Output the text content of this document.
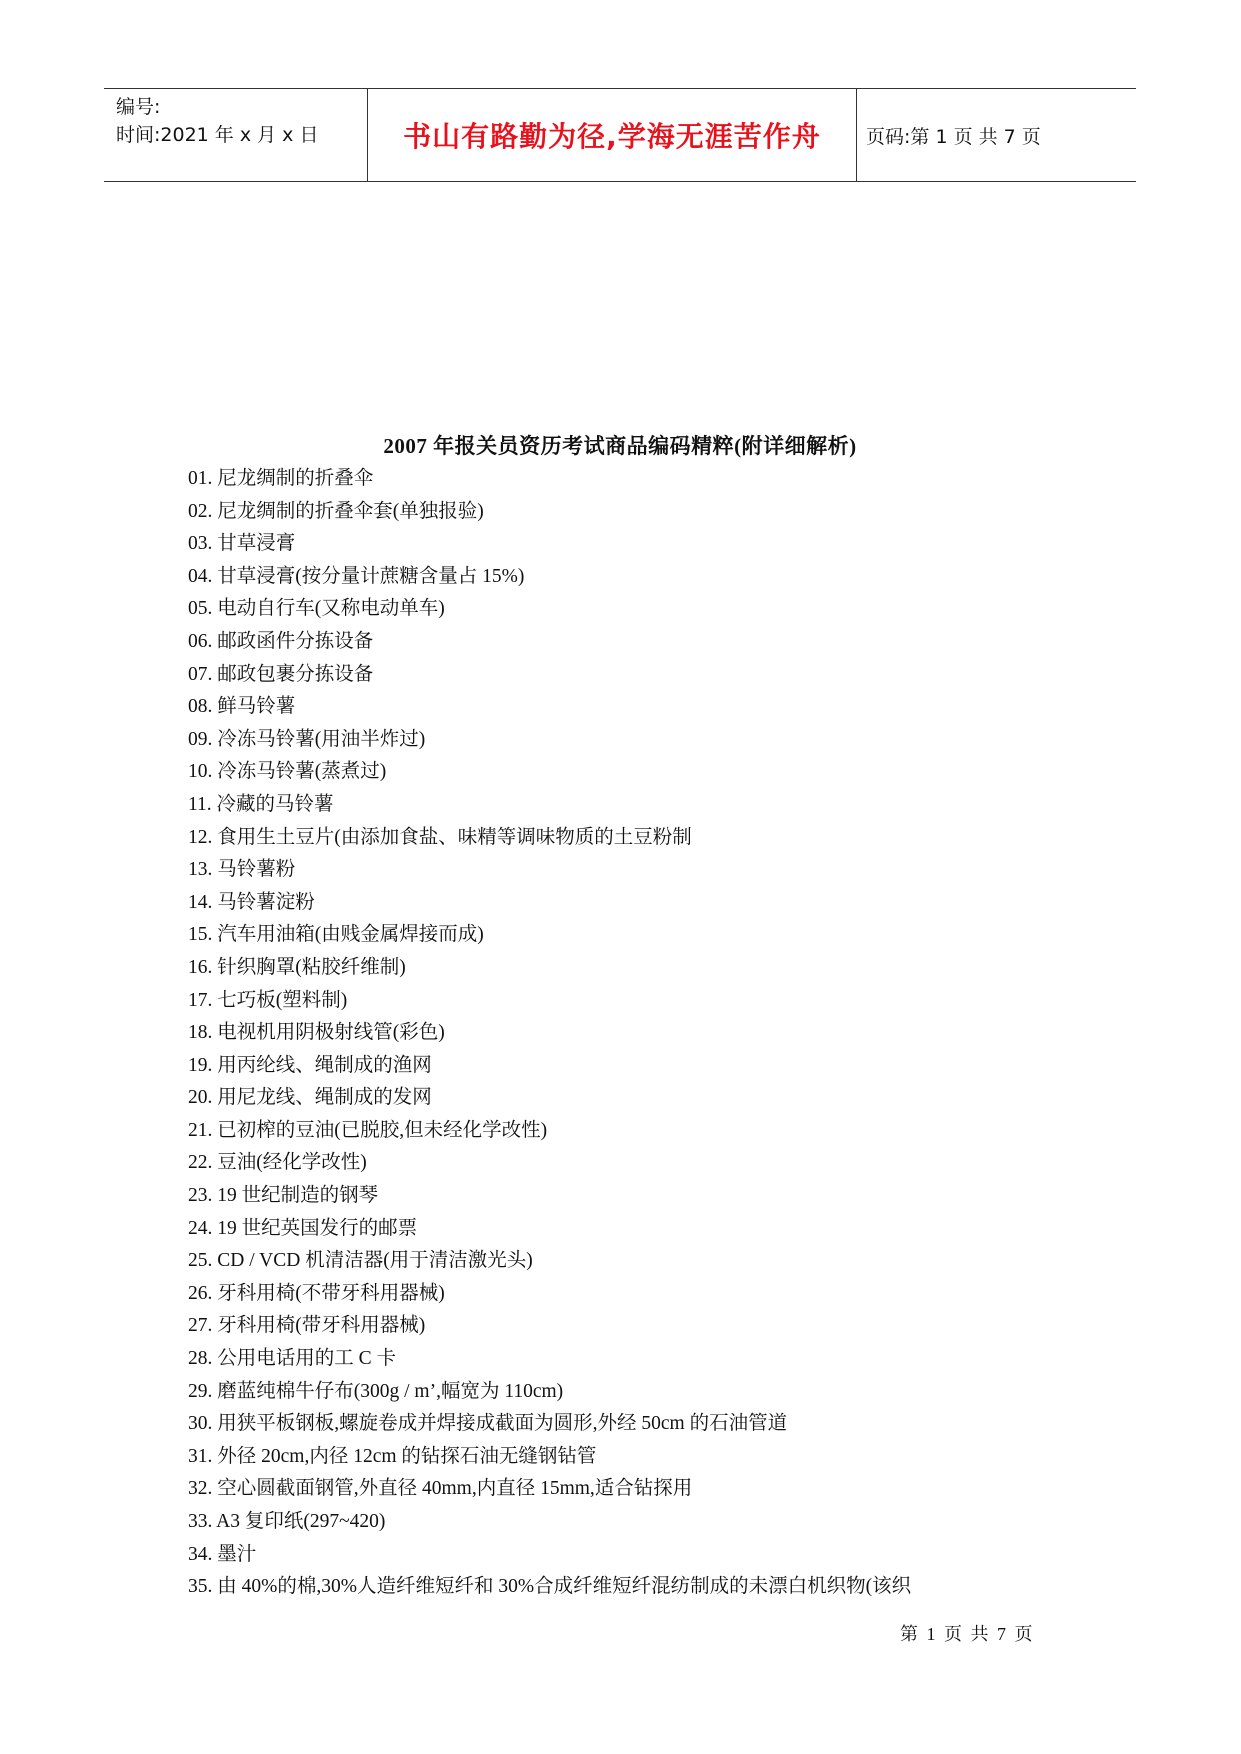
编号:
时间:2021 年 x 月 x 日	书山有路勤为径,学海无涯苦作舟	页码:第 1 页 共 7 页
2007 年报关员资历考试商品编码精粹(附详细解析)
01. 尼龙绸制的折叠伞
02. 尼龙绸制的折叠伞套(单独报验)
03. 甘草浸膏
04. 甘草浸膏(按分量计蔗糖含量占 15%)
05. 电动自行车(又称电动单车)
06. 邮政函件分拣设备
07. 邮政包裹分拣设备
08. 鲜马铃薯
09. 冷冻马铃薯(用油半炸过)
10. 冷冻马铃薯(蒸煮过)
11. 冷藏的马铃薯
12. 食用生土豆片(由添加食盐、味精等调味物质的土豆粉制
13. 马铃薯粉
14. 马铃薯淀粉
15. 汽车用油箱(由贱金属焊接而成)
16. 针织胸罩(粘胶纤维制)
17. 七巧板(塑料制)
18. 电视机用阴极射线管(彩色)
19. 用丙纶线、绳制成的渔网
20. 用尼龙线、绳制成的发网
21. 已初榨的豆油(已脱胶,但未经化学改性)
22. 豆油(经化学改性)
23. 19 世纪制造的钢琴
24. 19 世纪英国发行的邮票
25. CD / VCD 机清洁器(用于清洁激光头)
26. 牙科用椅(不带牙科用器械)
27. 牙科用椅(带牙科用器械)
28. 公用电话用的工 C 卡
29. 磨蓝纯棉牛仔布(300g / m’,幅宽为 110cm)
30. 用狭平板钢板,螺旋卷成并焊接成截面为圆形,外经 50cm 的石油管道
31. 外径 20cm,内径 12cm 的钻探石油无缝钢钻管
32. 空心圆截面钢管,外直径 40mm,内直径 15mm,适合钻探用
33. A3 复印纸(297~420)
34. 墨汁
35. 由 40%的棉,30%人造纤维短纤和 30%合成纤维短纤混纺制成的未漂白机织物(该织
第 1 页 共 7 页
